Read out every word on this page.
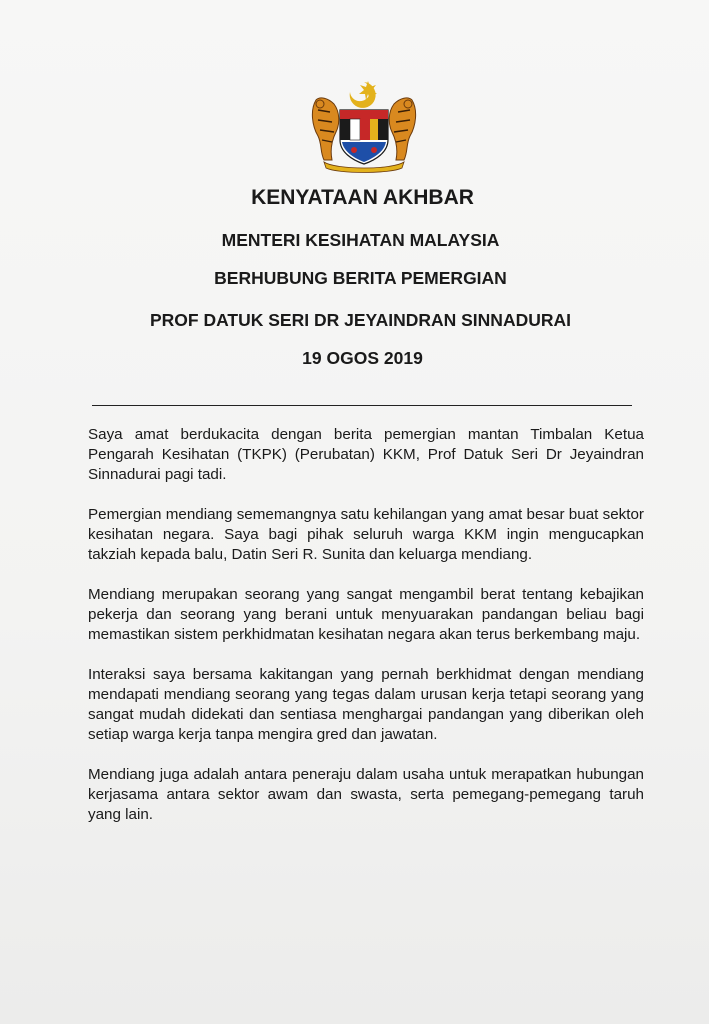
KENYATAAN AKHBAR
MENTERI KESIHATAN MALAYSIA
BERHUBUNG BERITA PEMERGIAN
PROF DATUK SERI DR JEYAINDRAN SINNADURAI
19 OGOS 2019

Saya amat berdukacita dengan berita pemergian mantan Timbalan Ketua Pengarah Kesihatan (TKPK) (Perubatan) KKM, Prof Datuk Seri Dr Jeyaindran Sinnadurai pagi tadi.

Pemergian mendiang sememangnya satu kehilangan yang amat besar buat sektor kesihatan negara. Saya bagi pihak seluruh warga KKM ingin mengucapkan takziah kepada balu, Datin Seri R. Sunita dan keluarga mendiang.

Mendiang merupakan seorang yang sangat mengambil berat tentang kebajikan pekerja dan seorang yang berani untuk menyuarakan pandangan beliau bagi memastikan sistem perkhidmatan kesihatan negara akan terus berkembang maju.

Interaksi saya bersama kakitangan yang pernah berkhidmat dengan mendiang mendapati mendiang seorang yang tegas dalam urusan kerja tetapi seorang yang sangat mudah didekati dan sentiasa menghargai pandangan yang diberikan oleh setiap warga kerja tanpa mengira gred dan jawatan.

Mendiang juga adalah antara peneraju dalam usaha untuk merapatkan hubungan kerjasama antara sektor awam dan swasta, serta pemegang-pemegang taruh yang lain.
